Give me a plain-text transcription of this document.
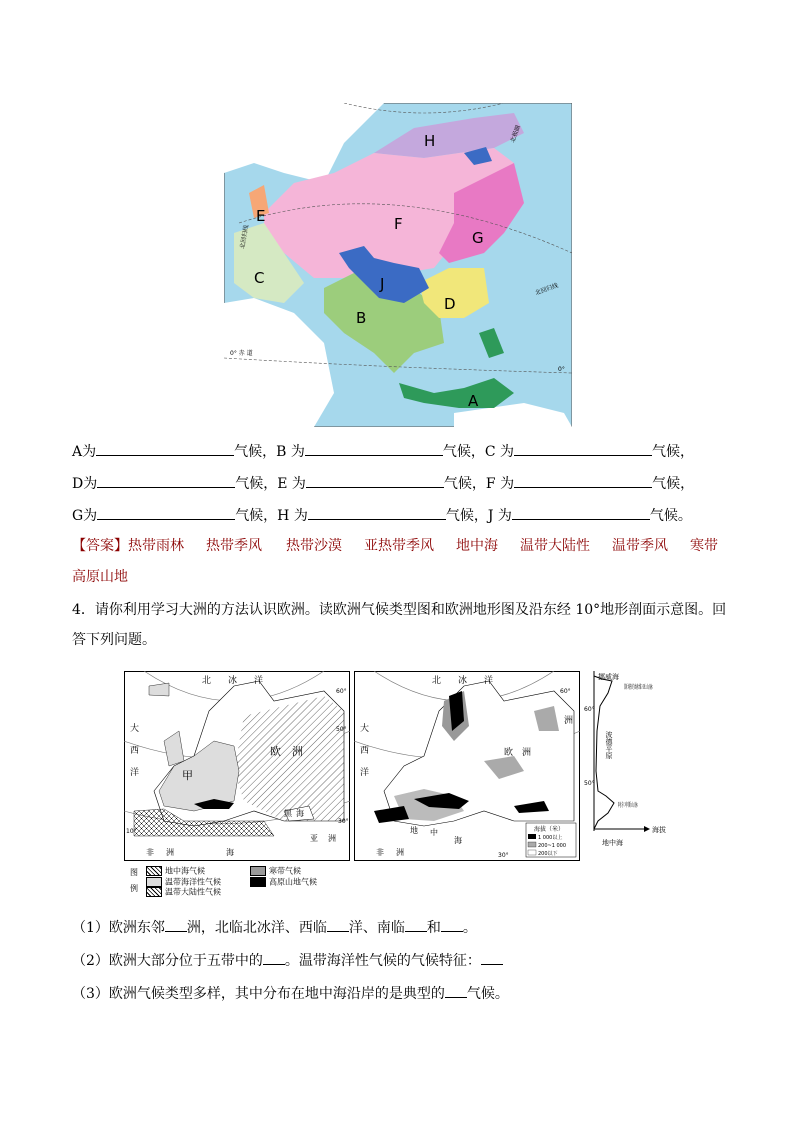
H
E	F
G
C	J
D
B
A
北极圈
北回归线
北回归线
0° 赤 道
0°
A为	气候，B 为	气候，C 为	气候，
D为	气候，E 为	气候，F 为	气候，
G为	气候，H 为	气候，J 为	气候。
【答案】热带雨林 热带季风 热带沙漠 亚热带季风 地中海 温带大陆性 温带季风 寒带
高原山地
4．请你利用学习大洲的方法认识欧洲。读欧洲气候类型图和欧洲地形图及沿东经 10°地形剖面示意图。回
答下列问题。
北 冰 洋
大
西
洋
欧 洲
甲
黑 海
亚 洲
非 洲	海
60°
50°
10°
30°
北 冰 洋
大
西
洋
欧 洲
洲
地 中
海
非 洲
60°
30°
海拔（米）
1 000以上
200~1 000
200以下
挪威海
斯堪的纳维亚山脉
60°
波德平原
50°
阿尔卑斯山脉
海拔
地中海
图
例
地中海气候
温带海洋性气候
温带大陆性气候
寒带气候
高原山地气候
（1）欧洲东邻 洲，北临北冰洋、西临 洋、南临 和 。
（2）欧洲大部分位于五带中的 。温带海洋性气候的气候特征：
（3）欧洲气候类型多样，其中分布在地中海沿岸的是典型的 气候。
